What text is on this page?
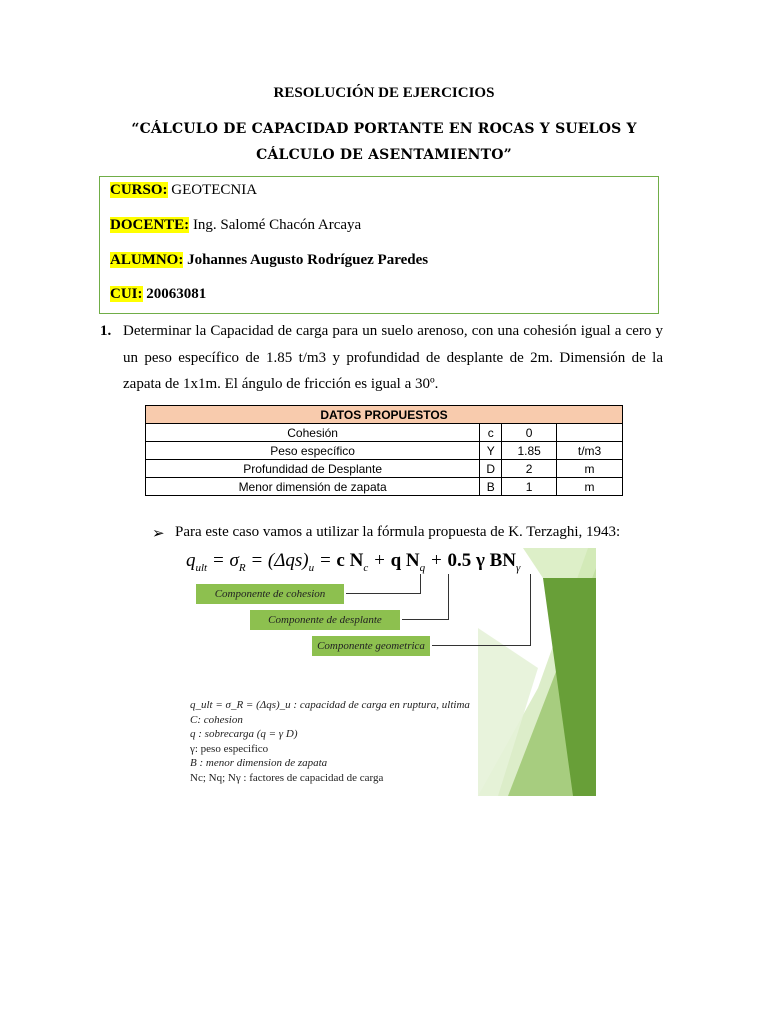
RESOLUCIÓN DE EJERCICIOS
“CÁLCULO DE CAPACIDAD PORTANTE EN ROCAS Y SUELOS Y
CÁLCULO DE ASENTAMIENTO”
CURSO: GEOTECNIA
DOCENTE: Ing. Salomé Chacón Arcaya
ALUMNO: Johannes Augusto Rodríguez Paredes
CUI: 20063081
1. Determinar la Capacidad de carga para un suelo arenoso, con una cohesión igual a cero y un peso específico de 1.85 t/m3 y profundidad de desplante de 2m. Dimensión de la zapata de 1x1m. El ángulo de fricción es igual a 30º.
DATOS PROPUESTOS			
Cohesión	c	0	
Peso específico	Y	1.85	t/m3
Profundidad de Desplante	D	2	m
Menor dimensión de zapata	B	1	m
➢ Para este caso vamos a utilizar la fórmula propuesta de K. Terzaghi, 1943:
$q_{ult} = \sigma_R = (\Delta qs)_u = c$ $N_c + q$ $N_q + 0.5$ γ $BN_\gamma$
Componente de cohesion
Componente de desplante
Componente geometrica
q_ult = σ_R = (Δqs)_u : capacidad de carga en ruptura, ultima
C: cohesion
q : sobrecarga (q = γ D)
γ: peso especifico
B : menor dimension de zapata
Nc; Nq; Nγ : factores de capacidad de carga
